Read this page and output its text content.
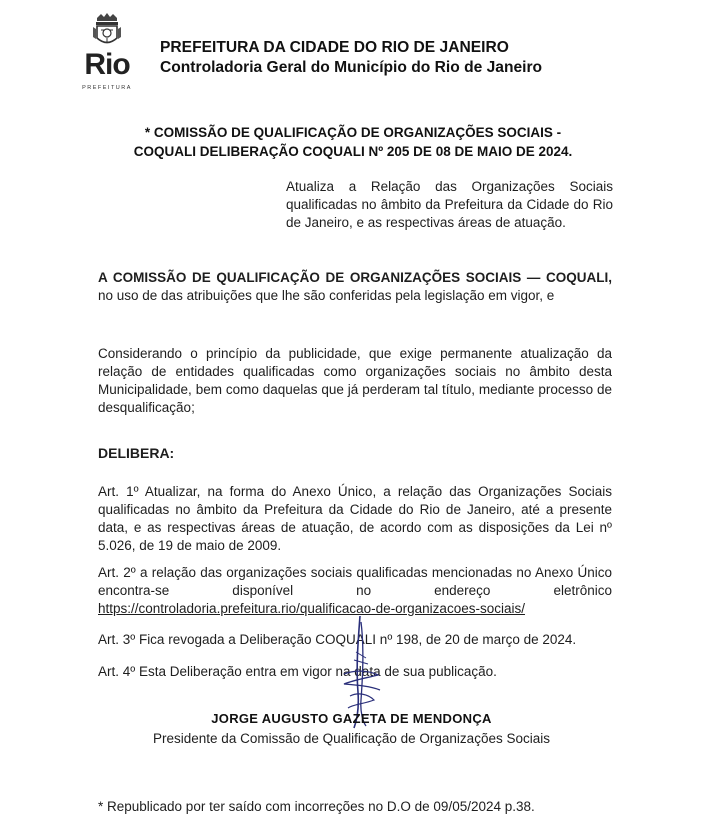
Rio
PREFEITURA
PREFEITURA DA CIDADE DO RIO DE JANEIRO
Controladoria Geral do Município do Rio de Janeiro
* COMISSÃO DE QUALIFICAÇÃO DE ORGANIZAÇÕES SOCIAIS -
COQUALI DELIBERAÇÃO COQUALI Nº 205 DE 08 DE MAIO DE 2024.
Atualiza a Relação das Organizações Sociais qualificadas no âmbito da Prefeitura da Cidade do Rio de Janeiro, e as respectivas áreas de atuação.
A COMISSÃO DE QUALIFICAÇÃO DE ORGANIZAÇÕES SOCIAIS — COQUALI, no uso de das atribuições que lhe são conferidas pela legislação em vigor, e
Considerando o princípio da publicidade, que exige permanente atualização da relação de entidades qualificadas como organizações sociais no âmbito desta Municipalidade, bem como daquelas que já perderam tal título, mediante processo de desqualificação;
DELIBERA:
Art. 1º Atualizar, na forma do Anexo Único, a relação das Organizações Sociais qualificadas no âmbito da Prefeitura da Cidade do Rio de Janeiro, até a presente data, e as respectivas áreas de atuação, de acordo com as disposições da Lei nº 5.026, de 19 de maio de 2009.
Art. 2º a relação das organizações sociais qualificadas mencionadas no Anexo Único encontra-se disponível no endereço eletrônico https://controladoria.prefeitura.rio/qualificacao-de-organizacoes-sociais/
Art. 3º Fica revogada a Deliberação COQUALI nº 198, de 20 de março de 2024.
Art. 4º Esta Deliberação entra em vigor na data de sua publicação.
JORGE AUGUSTO GAZETA DE MENDONÇA
Presidente da Comissão de Qualificação de Organizações Sociais
* Republicado por ter saído com incorreções no D.O de 09/05/2024 p.38.
